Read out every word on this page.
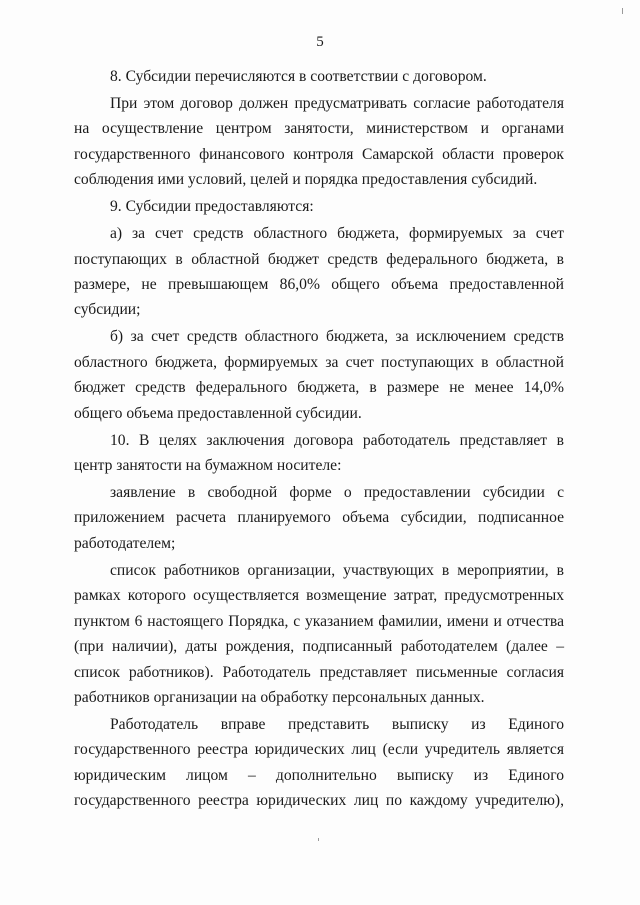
5

8. Субсидии перечисляются в соответствии с договором.

При этом договор должен предусматривать согласие работодателя на осуществление центром занятости, министерством и органами государственного финансового контроля Самарской области проверок соблюдения ими условий, целей и порядка предоставления субсидий.

9. Субсидии предоставляются:

а) за счет средств областного бюджета, формируемых за счет поступающих в областной бюджет средств федерального бюджета, в размере, не превышающем 86,0% общего объема предоставленной субсидии;

б) за счет средств областного бюджета, за исключением средств областного бюджета, формируемых за счет поступающих в областной бюджет средств федерального бюджета, в размере не менее 14,0% общего объема предоставленной субсидии.

10. В целях заключения договора работодатель представляет в центр занятости на бумажном носителе:

заявление в свободной форме о предоставлении субсидии с приложением расчета планируемого объема субсидии, подписанное работодателем;

список работников организации, участвующих в мероприятии, в рамках которого осуществляется возмещение затрат, предусмотренных пунктом 6 настоящего Порядка, с указанием фамилии, имени и отчества (при наличии), даты рождения, подписанный работодателем (далее – список работников). Работодатель представляет письменные согласия работников организации на обработку персональных данных.

Работодатель вправе представить выписку из Единого государственного реестра юридических лиц (если учредитель является юридическим лицом – дополнительно выписку из Единого государственного реестра юридических лиц по каждому учредителю),
